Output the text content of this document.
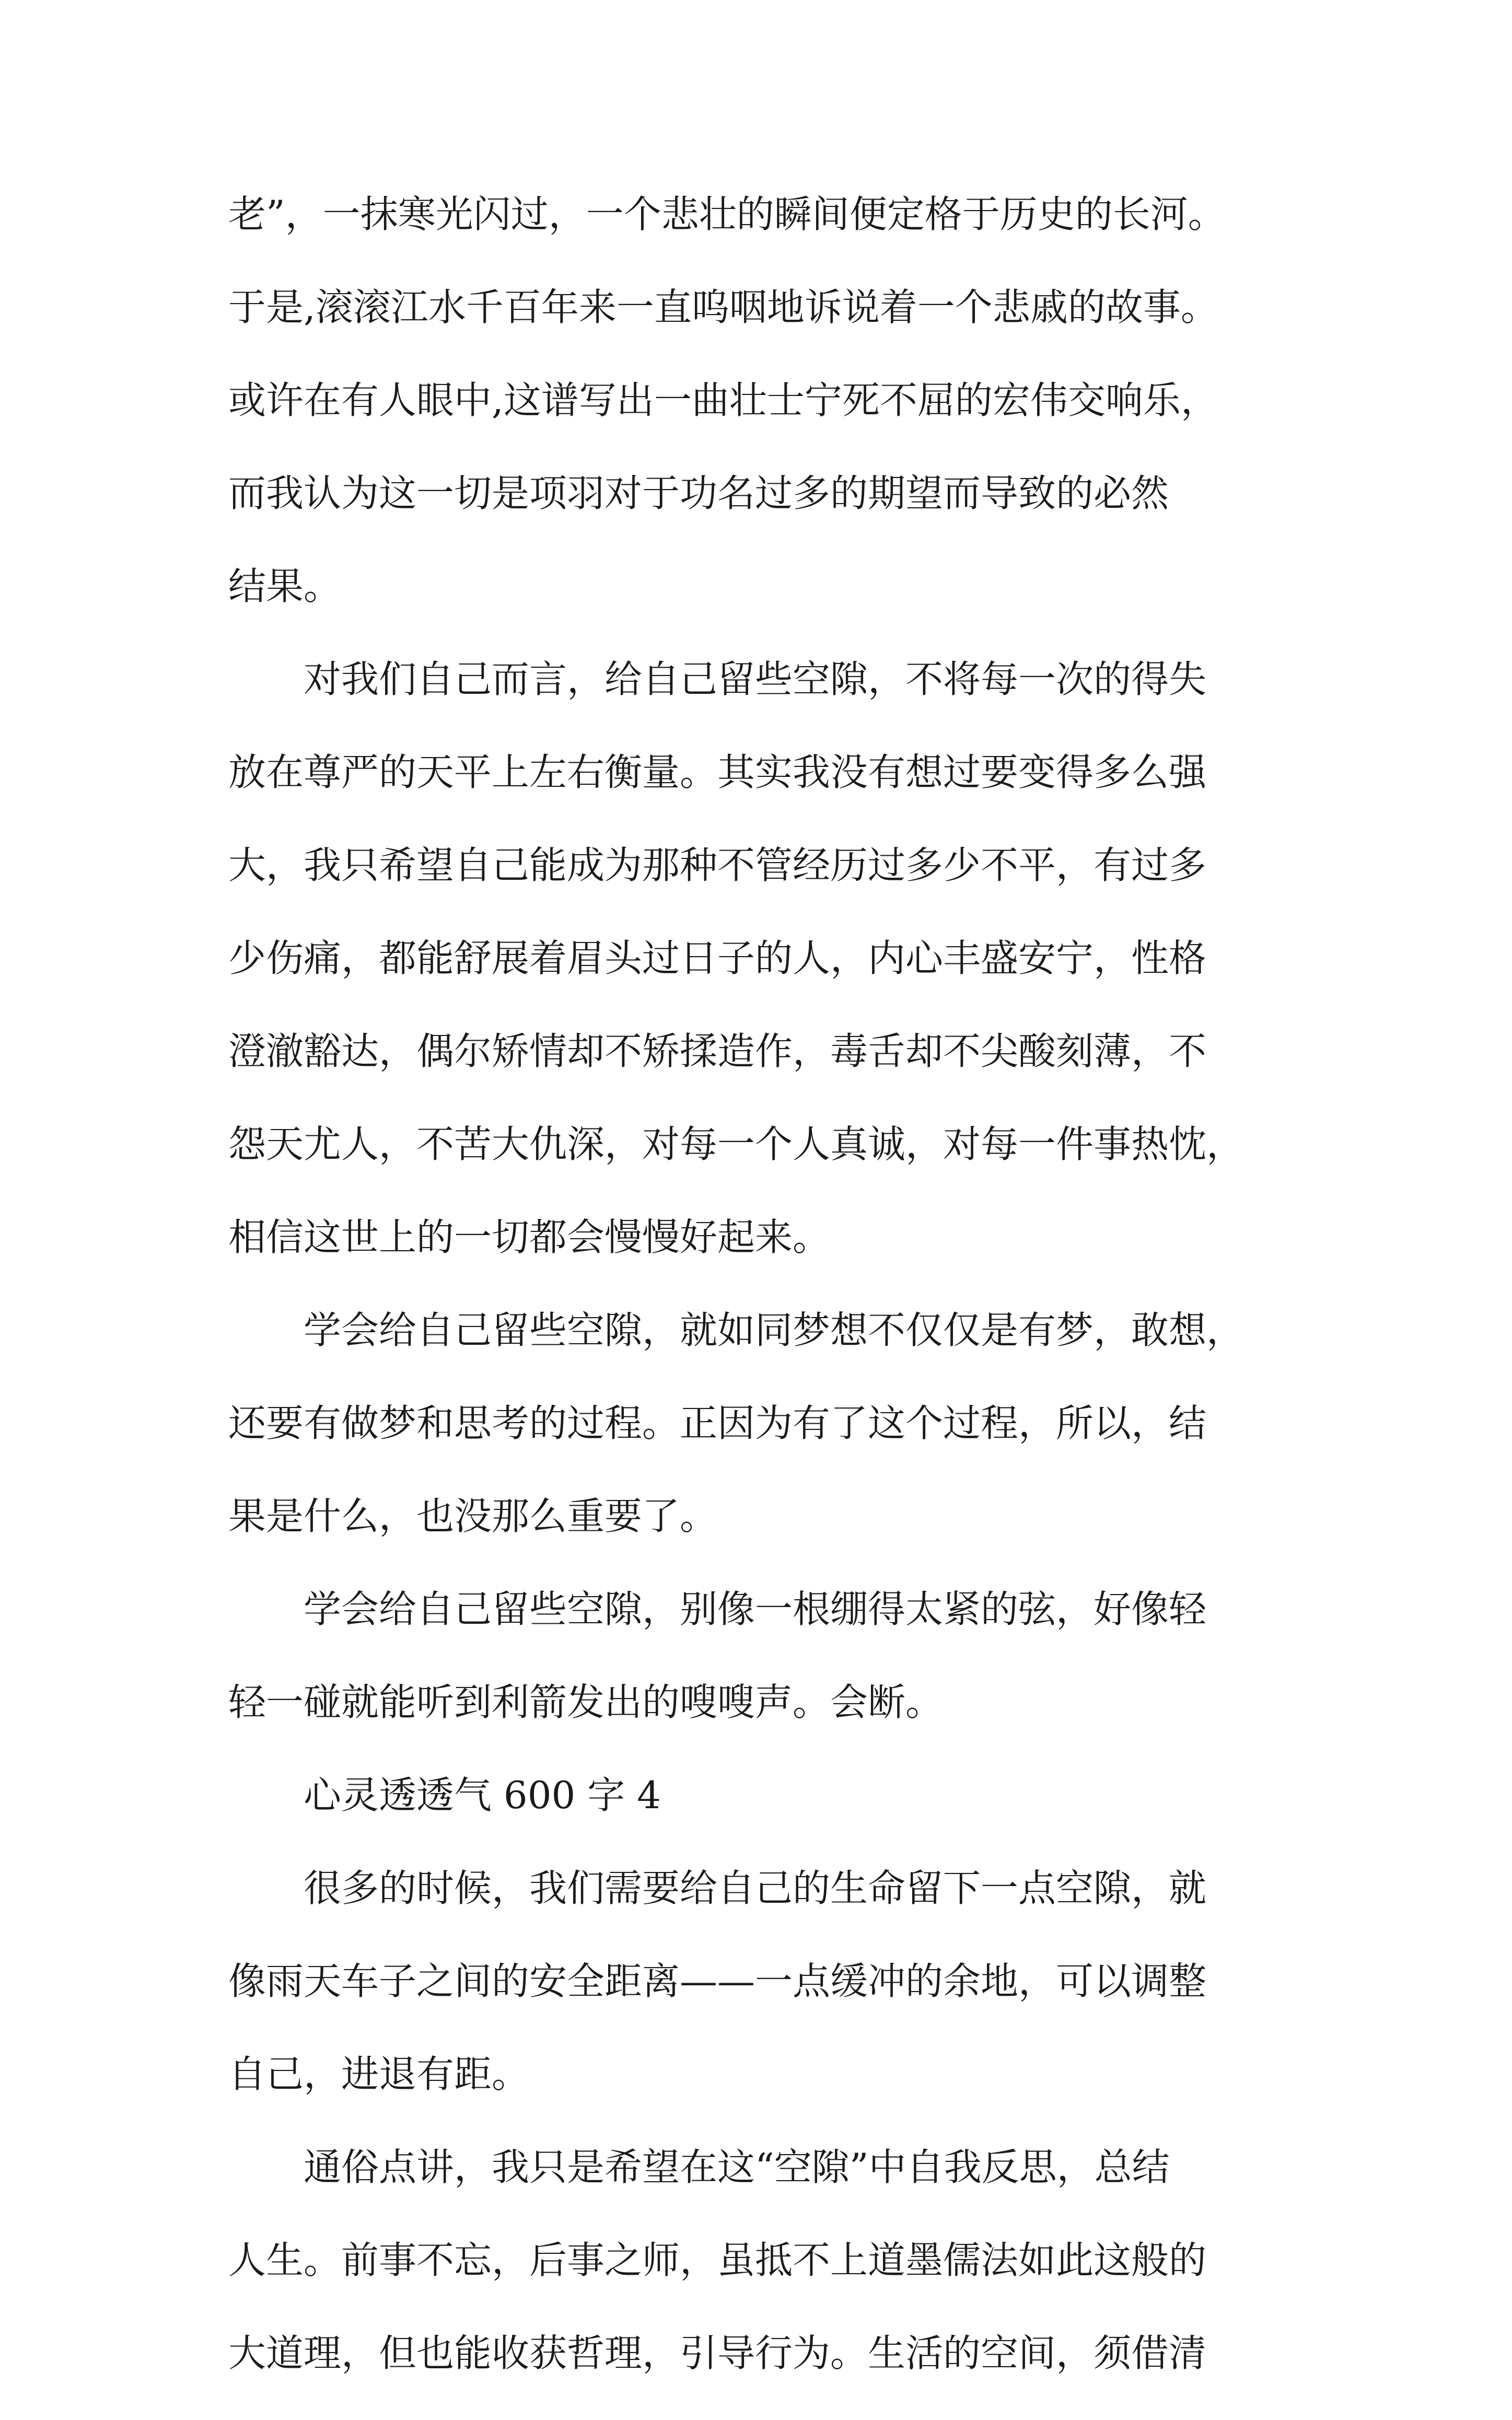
老”，一抹寒光闪过，一个悲壮的瞬间便定格于历史的长河。
于是,滚滚江水千百年来一直呜咽地诉说着一个悲戚的故事。
或许在有人眼中,这谱写出一曲壮士宁死不屈的宏伟交响乐，
而我认为这一切是项羽对于功名过多的期望而导致的必然
结果。
对我们自己而言，给自己留些空隙，不将每一次的得失
放在尊严的天平上左右衡量。其实我没有想过要变得多么强
大，我只希望自己能成为那种不管经历过多少不平，有过多
少伤痛，都能舒展着眉头过日子的人，内心丰盛安宁，性格
澄澈豁达，偶尔矫情却不矫揉造作，毒舌却不尖酸刻薄，不
怨天尤人，不苦大仇深，对每一个人真诚，对每一件事热忱，
相信这世上的一切都会慢慢好起来。
学会给自己留些空隙，就如同梦想不仅仅是有梦，敢想，
还要有做梦和思考的过程。正因为有了这个过程，所以，结
果是什么，也没那么重要了。
学会给自己留些空隙，别像一根绷得太紧的弦，好像轻
轻一碰就能听到利箭发出的嗖嗖声。会断。
心灵透透气 600 字 4
很多的时候，我们需要给自己的生命留下一点空隙，就
像雨天车子之间的安全距离——一点缓冲的余地，可以调整
自己，进退有距。
通俗点讲，我只是希望在这“空隙”中自我反思，总结
人生。前事不忘，后事之师，虽抵不上道墨儒法如此这般的
大道理，但也能收获哲理，引导行为。生活的空间，须借清
